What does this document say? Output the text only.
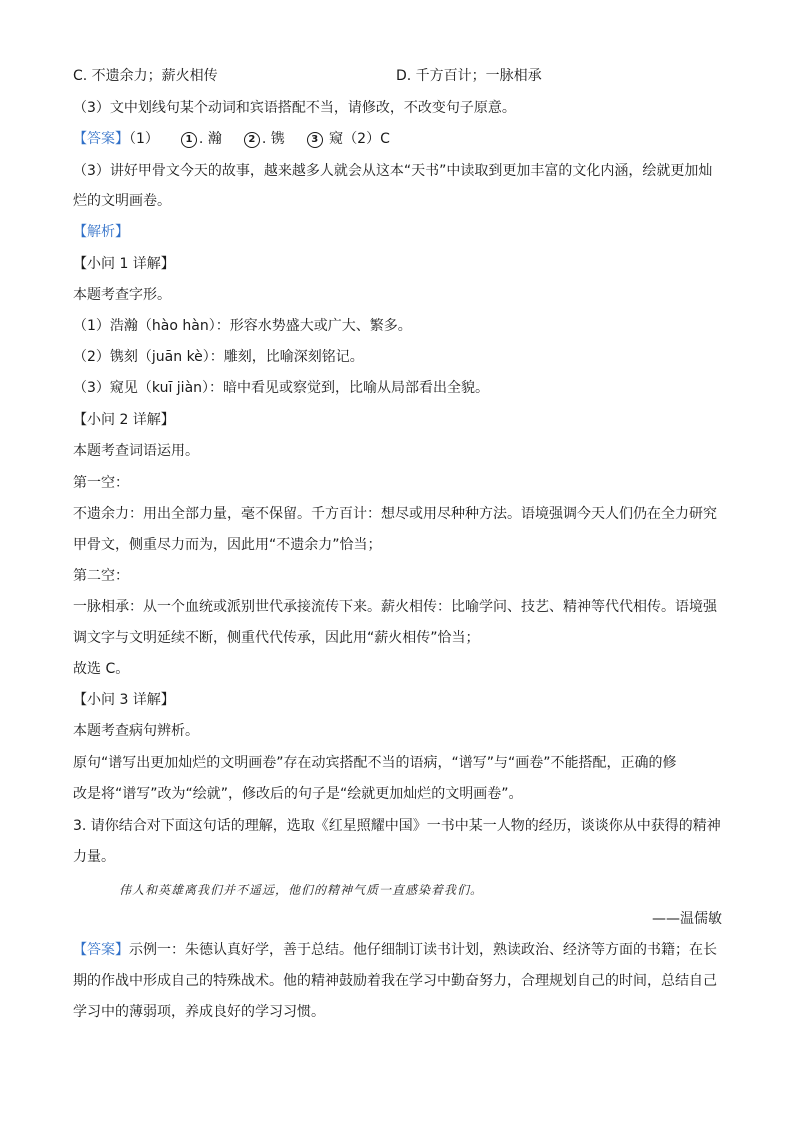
C. 不遗余力；薪火相传	D. 千方百计；一脉相承
（3）文中划线句某个动词和宾语搭配不当，请修改，不改变句子原意。
【答案】（1）	1 . 瀚	2 . 镌	3 窥（2）C
（3）讲好甲骨文今天的故事，越来越多人就会从这本“天书”中读取到更加丰富的文化内涵，绘就更加灿
烂的文明画卷。
【解析】
【小问 1 详解】
本题考查字形。
（1）浩瀚（hào hàn）：形容水势盛大或广大、繁多。
（2）镌刻（juān kè）：雕刻，比喻深刻铭记。
（3）窥见（kuī jiàn）：暗中看见或察觉到，比喻从局部看出全貌。
【小问 2 详解】
本题考查词语运用。
第一空：
不遗余力：用出全部力量，毫不保留。千方百计：想尽或用尽种种方法。语境强调今天人们仍在全力研究
甲骨文，侧重尽力而为，因此用“不遗余力”恰当；
第二空：
一脉相承：从一个血统或派别世代承接流传下来。薪火相传：比喻学问、技艺、精神等代代相传。语境强
调文字与文明延续不断，侧重代代传承，因此用“薪火相传”恰当；
故选 C。
【小问 3 详解】
本题考查病句辨析。
原句“谱写出更加灿烂的文明画卷”存在动宾搭配不当的语病，“谱写”与“画卷”不能搭配，正确的修
改是将“谱写”改为“绘就”，修改后的句子是“绘就更加灿烂的文明画卷”。
3. 请你结合对下面这句话的理解，选取《红星照耀中国》一书中某一人物的经历，谈谈你从中获得的精神
力量。
伟人和英雄离我们并不遥远，他们的精神气质一直感染着我们。
——温儒敏
【答案】示例一：朱德认真好学，善于总结。他仔细制订读书计划，熟读政治、经济等方面的书籍；在长
期的作战中形成自己的特殊战术。他的精神鼓励着我在学习中勤奋努力，合理规划自己的时间，总结自己
学习中的薄弱项，养成良好的学习习惯。
